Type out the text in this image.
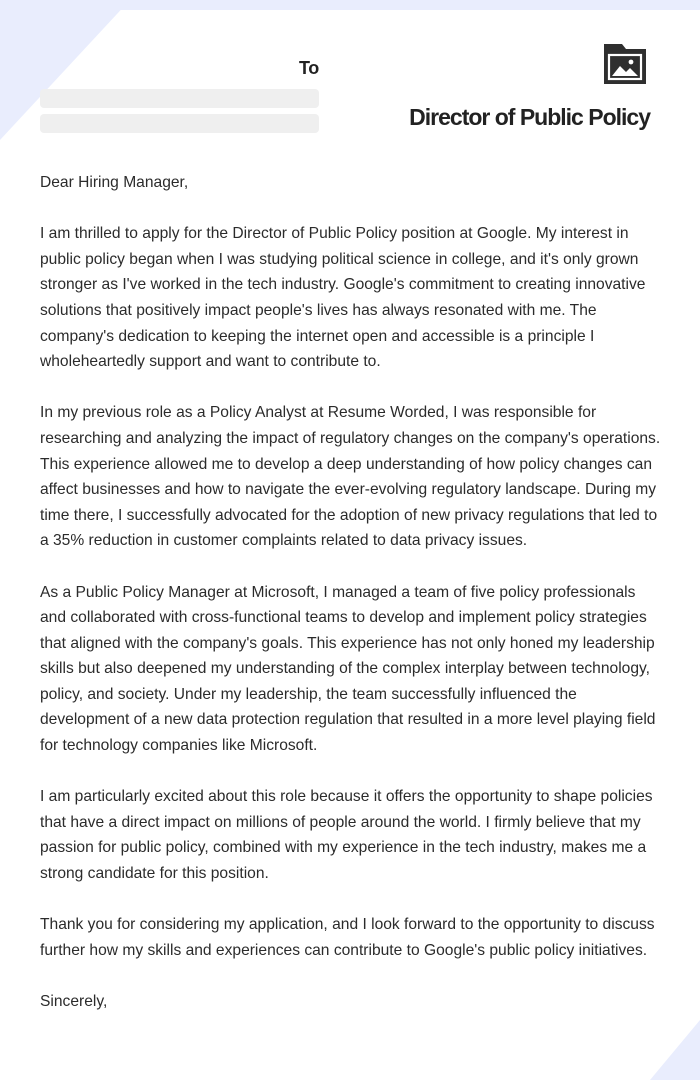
To
Director of Public Policy

Dear Hiring Manager,

I am thrilled to apply for the Director of Public Policy position at Google. My interest in public policy began when I was studying political science in college, and it's only grown stronger as I've worked in the tech industry. Google's commitment to creating innovative solutions that positively impact people's lives has always resonated with me. The company's dedication to keeping the internet open and accessible is a principle I wholeheartedly support and want to contribute to.

In my previous role as a Policy Analyst at Resume Worded, I was responsible for researching and analyzing the impact of regulatory changes on the company's operations. This experience allowed me to develop a deep understanding of how policy changes can affect businesses and how to navigate the ever-evolving regulatory landscape. During my time there, I successfully advocated for the adoption of new privacy regulations that led to a 35% reduction in customer complaints related to data privacy issues.

As a Public Policy Manager at Microsoft, I managed a team of five policy professionals and collaborated with cross-functional teams to develop and implement policy strategies that aligned with the company's goals. This experience has not only honed my leadership skills but also deepened my understanding of the complex interplay between technology, policy, and society. Under my leadership, the team successfully influenced the development of a new data protection regulation that resulted in a more level playing field for technology companies like Microsoft.

I am particularly excited about this role because it offers the opportunity to shape policies that have a direct impact on millions of people around the world. I firmly believe that my passion for public policy, combined with my experience in the tech industry, makes me a strong candidate for this position.

Thank you for considering my application, and I look forward to the opportunity to discuss further how my skills and experiences can contribute to Google's public policy initiatives.

Sincerely,
